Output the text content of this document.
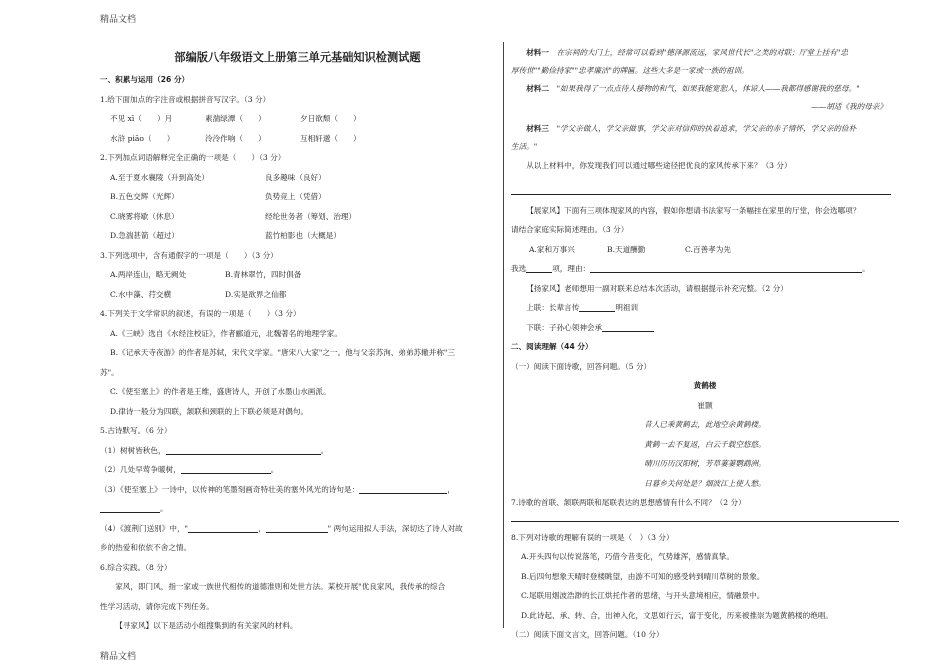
精品文档
部编版八年级语文上册第三单元基础知识检测试题
一、积累与运用（26 分）
1.给下面加点的字注音或根据拼音写汉字。（3 分）
不见 xī（　　）月	素湍绿潭（　　）	夕日欲颓（　　）
水浒 piāo（　　）	泠泠作响（　　）	互相轩邈（　　）
2.下列加点词语解释完全正确的一项是（　　）（3 分）
A.至于夏水襄陵（升到高处）	良多趣味（良好）
B.五色交辉（光辉）	负势竞上（凭借）
C.晓雾将歇（休息）	经纶世务者（筹划、治理）
D.急湍甚箭（超过）	蓝竹柏影也（大概是）
3.下列选项中，含有通假字的一项是（　　）（3 分）
A.两岸连山，略无阙处	B.青林翠竹，四时俱备
C.水中藻、荇交横	D.实是欲界之仙都
4.下列关于文学常识的叙述，有误的一项是（　　）（3 分）
A.《三峡》选自《水经注校证》，作者郦道元，北魏著名的地理学家。
B.《记承天寺夜游》的作者是苏轼，宋代文学家。"唐宋八大家"之一。他与父亲苏洵、弟弟苏辙并称"三
苏"。
C.《使至塞上》的作者是王维，盛唐诗人，开创了水墨山水画派。
D.律诗一般分为四联，颔联和颈联的上下联必须是对偶句。
5.古诗默写。（6 分）
（1）树树皆秋色，	。
（2）几处早莺争暖树，	。
（3）《使至塞上》一诗中，以传神的笔墨刻画奇特壮美的塞外风光的诗句是：	，
。
（4）《渡荆门送别》中，"	，	" 两句运用拟人手法，深切达了诗人对故
乡的热爱和依依不舍之情。
6.综合实践。（8 分）
家风，即门风，指一家或一族世代相传的道德准则和处世方法。某校开展"优良家风，我传承的综合
性学习活动，请你完成下列任务。
【寻家风】以下是活动小组搜集到的有关家风的材料。
材料一　 在宗祠的大门上，经常可以看到"德泽源流远，家风世代长"之类的对联；厅堂上挂有"忠
厚传世""勤俭持家""忠孝廉洁"的牌匾。这些大多是一家或一族的祖训。
材料二　 "如果我得了一点点待人接物的和气，如果我能宽恕人，体谅人——我都得感谢我的慈母。"
——胡适《我的母亲》
材料三　 "学父亲做人，学父亲做事，学父亲对信仰的执着追求，学父亲的赤子情怀，学父亲的俭朴
生活。"
从以上材料中，你发现我们可以通过哪些途径把优良的家风传承下来？（3 分）
【展家风】下面有三项体现家风的内容，假如你想请书法家写一条幅挂在家里的厅堂，你会选哪项？
请结合家庭实际简述理由。（3 分）
A.家和万事兴	B.天道酬勤	C.百善孝为先
我选	项，理由：	。
【扬家风】老师想用一副对联来总结本次活动，请根据提示补充完整。（2 分）
上联：长辈言传	明祖训
下联：子孙心领神会承
二、阅读理解（44 分）
（一）阅读下面诗歌，回答问题。（5 分）
黄鹤楼
崔颢
昔人已乘黄鹤去，此地空余黄鹤楼。
黄鹤一去不复返，白云千载空悠悠。
晴川历历汉阳树，芳草萋萋鹦鹉洲。
日暮乡关何处是？烟波江上使人愁。
7.诗歌的首联、颔联两联和尾联表达的思想感情有什么不同？（2 分）
8.下列对诗歌的理解有误的一项是（　）（3 分）
A.开头四句以传说落笔，巧借今昔变化，气势雄浑，感情真挚。
B.后四句想象天晴时登楼眺望，由游不可知的感受转到晴川草树的景象。
C.尾联用烟波浩渺的长江烘托作者的思绪，与开头意境相应，情融景中。
D.此诗起、承、转、合，出神入化，文思如行云，富于变化，历来被推崇为题黄鹤楼的绝唱。
（二）阅读下面文言文，回答问题。（10 分）
精品文档
